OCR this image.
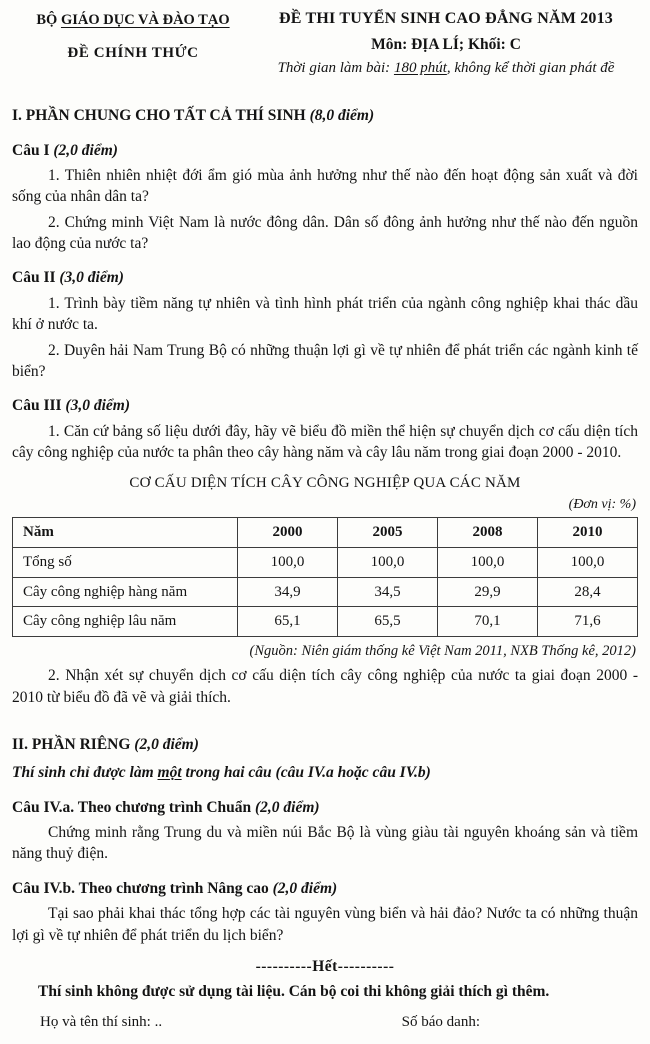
BỘ GIÁO DỤC VÀ ĐÀO TẠO
ĐỀ CHÍNH THỨC
ĐỀ THI TUYỂN SINH CAO ĐẲNG NĂM 2013
Môn: ĐỊA LÍ; Khối: C
Thời gian làm bài: 180 phút, không kể thời gian phát đề
I. PHẦN CHUNG CHO TẤT CẢ THÍ SINH (8,0 điểm)
Câu I (2,0 điểm)

1. Thiên nhiên nhiệt đới ẩm gió mùa ảnh hưởng như thế nào đến hoạt động sản xuất và đời sống của nhân dân ta?

2. Chứng minh Việt Nam là nước đông dân. Dân số đông ảnh hưởng như thế nào đến nguồn lao động của nước ta?

Câu II (3,0 điểm)

1. Trình bày tiềm năng tự nhiên và tình hình phát triển của ngành công nghiệp khai thác dầu khí ở nước ta.

2. Duyên hải Nam Trung Bộ có những thuận lợi gì về tự nhiên để phát triển các ngành kinh tế biển?

Câu III (3,0 điểm)

1. Căn cứ bảng số liệu dưới đây, hãy vẽ biểu đồ miền thể hiện sự chuyển dịch cơ cấu diện tích cây công nghiệp của nước ta phân theo cây hàng năm và cây lâu năm trong giai đoạn 2000 - 2010.

CƠ CẤU DIỆN TÍCH CÂY CÔNG NGHIỆP QUA CÁC NĂM
(Đơn vị: %)
Năm	2000	2005	2008	2010
Tổng số	100,0	100,0	100,0	100,0
Cây công nghiệp hàng năm	34,9	34,5	29,9	28,4
Cây công nghiệp lâu năm	65,1	65,5	70,1	71,6
(Nguồn: Niên giám thống kê Việt Nam 2011, NXB Thống kê, 2012)

2. Nhận xét sự chuyển dịch cơ cấu diện tích cây công nghiệp của nước ta giai đoạn 2000 - 2010 từ biểu đồ đã vẽ và giải thích.

II. PHẦN RIÊNG (2,0 điểm)
Thí sinh chỉ được làm một trong hai câu (câu IV.a hoặc câu IV.b)
Câu IV.a. Theo chương trình Chuẩn (2,0 điểm)

Chứng minh rằng Trung du và miền núi Bắc Bộ là vùng giàu tài nguyên khoáng sản và tiềm năng thuỷ điện.

Câu IV.b. Theo chương trình Nâng cao (2,0 điểm)

Tại sao phải khai thác tổng hợp các tài nguyên vùng biển và hải đảo? Nước ta có những thuận lợi gì về tự nhiên để phát triển du lịch biển?

----------Hết----------
Thí sinh không được sử dụng tài liệu. Cán bộ coi thi không giải thích gì thêm.
Họ và tên thí sinh: ..	Số báo danh:
